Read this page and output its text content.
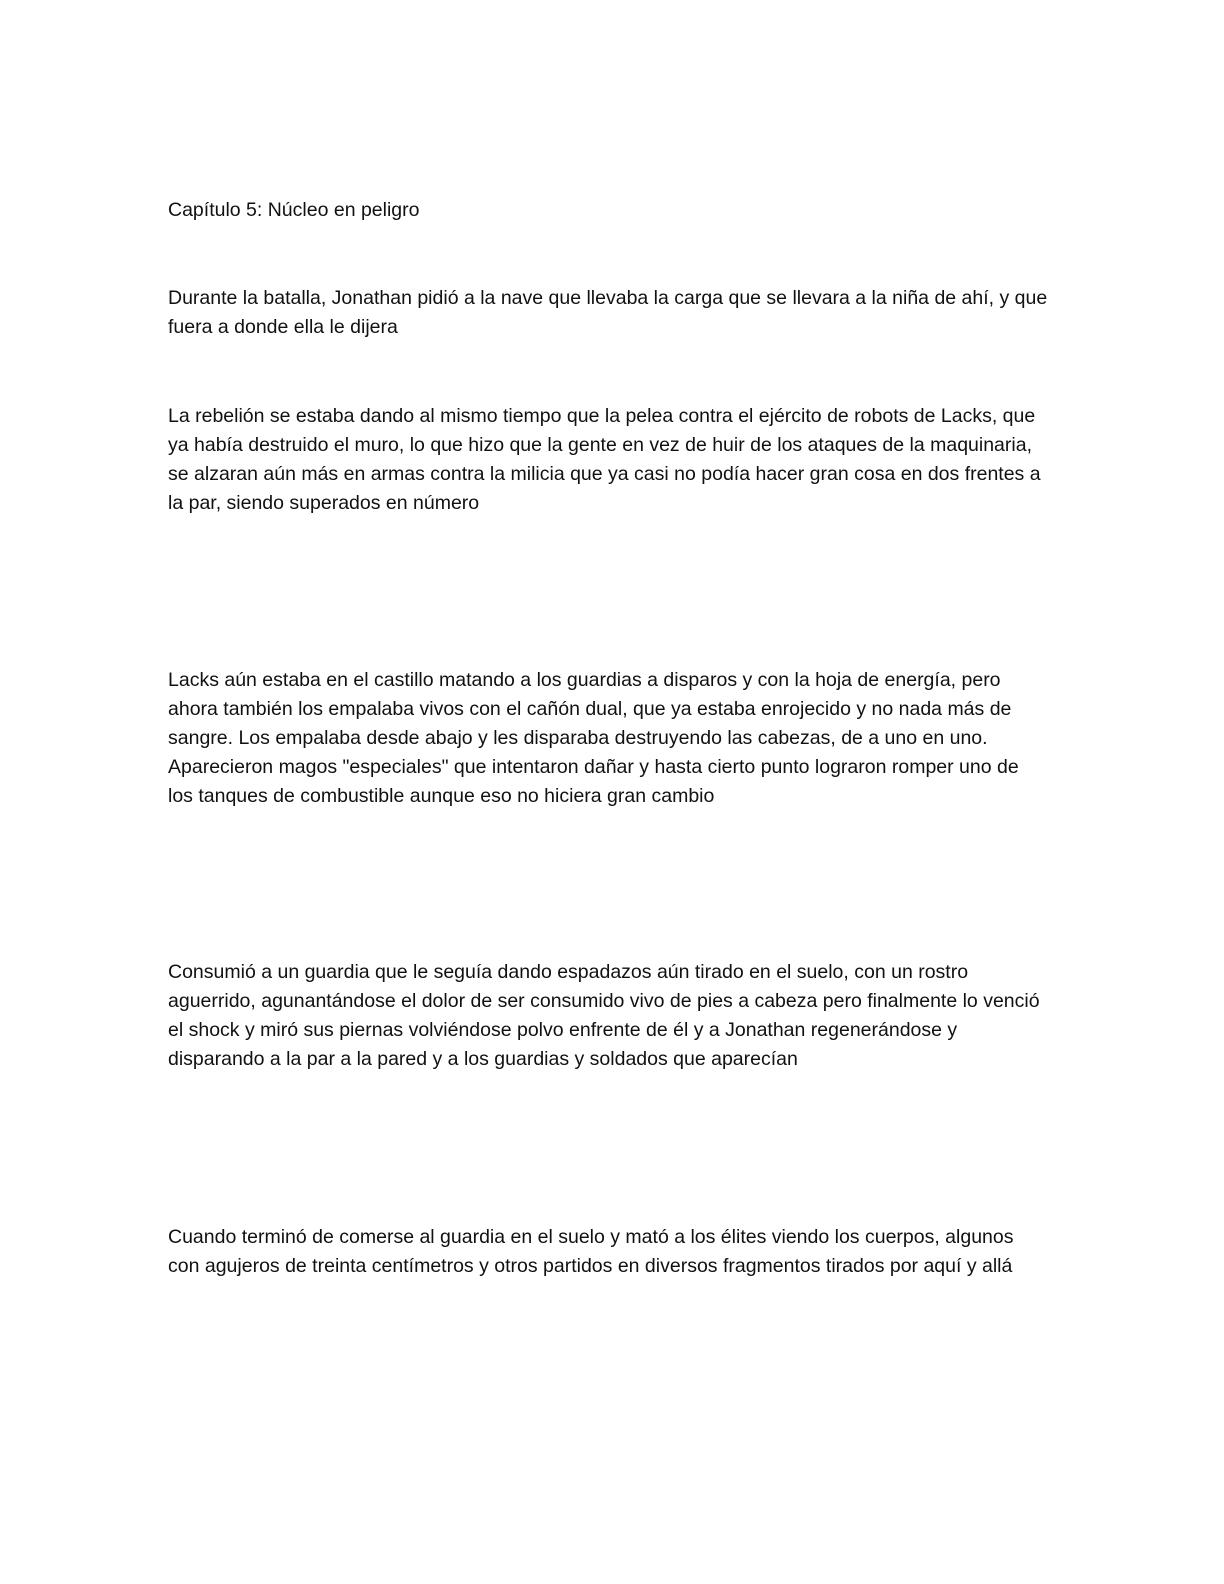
Capítulo 5: Núcleo en peligro

Durante la batalla, Jonathan pidió a la nave que llevaba la carga que se llevara a la niña de ahí, y que fuera a donde ella le dijera

La rebelión se estaba dando al mismo tiempo que la pelea contra el ejército de robots de Lacks, que ya había destruido el muro, lo que hizo que la gente en vez de huir de los ataques de la maquinaria, se alzaran aún más en armas contra la milicia que ya casi no podía hacer gran cosa en dos frentes a la par, siendo superados en número

Lacks aún estaba en el castillo matando a los guardias a disparos y con la hoja de energía, pero ahora también los empalaba vivos con el cañón dual, que ya estaba enrojecido y no nada más de sangre. Los empalaba desde abajo y les disparaba destruyendo las cabezas, de a uno en uno. Aparecieron magos "especiales" que intentaron dañar y hasta cierto punto lograron romper uno de los tanques de combustible aunque eso no hiciera gran cambio

Consumió a un guardia que le seguía dando espadazos aún tirado en el suelo, con un rostro aguerrido, agunantándose el dolor de ser consumido vivo de pies a cabeza pero finalmente lo venció el shock y miró sus piernas volviéndose polvo enfrente de él y a Jonathan regenerándose y disparando a la par a la pared y a los guardias y soldados que aparecían

Cuando terminó de comerse al guardia en el suelo y mató a los élites viendo los cuerpos, algunos con agujeros de treinta centímetros y otros partidos en diversos fragmentos tirados por aquí y allá
